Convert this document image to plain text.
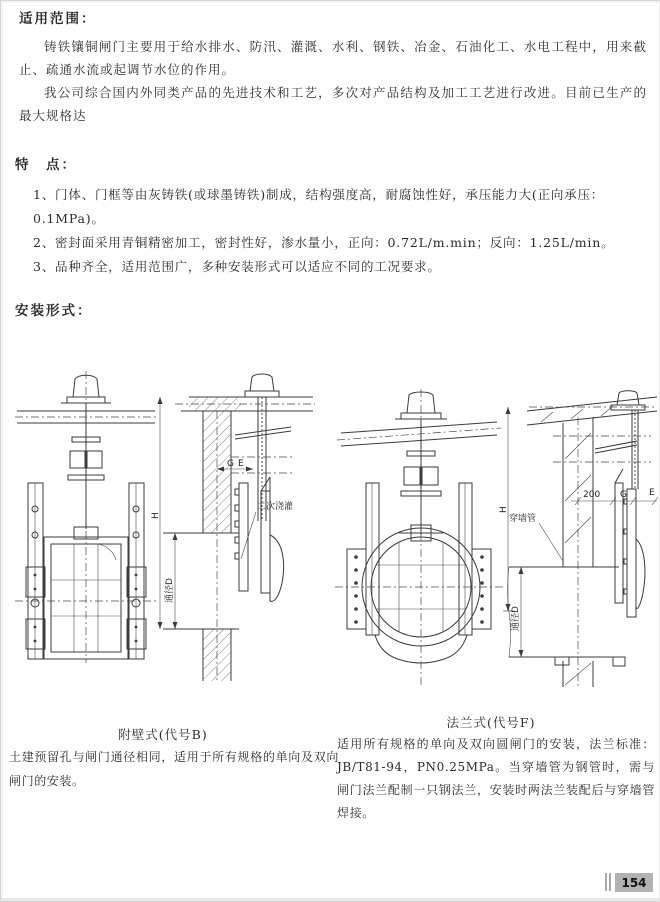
适用范围：

铸铁镶铜闸门主要用于给水排水、防汛、灌溉、水利、钢铁、冶金、石油化工、水电工程中，用来截止、疏通水流或起调节水位的作用。

我公司综合国内外同类产品的先进技术和工艺，多次对产品结构及加工工艺进行改进。目前已生产的最大规格达

特　点：
1、门体、门框等由灰铸铁(或球墨铸铁)制成，结构强度高，耐腐蚀性好，承压能力大(正向承压：0.1MPa)。
2、密封面采用青铜精密加工，密封性好，渗水量小，正向：0.72L/m.min；反向：1.25L/min。
3、品种齐全，适用范围广，多种安装形式可以适应不同的工况要求。
安装形式：
通径D
H
G E
二次浇灌	H
200 G E
穿墙管
通径D
附壁式(代号B)
土建预留孔与闸门通径相同，适用于所有规格的单向及双向闸门的安装。
法兰式(代号F)
适用所有规格的单向及双向圆闸门的安装，法兰标准：JB/T81-94，PN0.25MPa。当穿墙管为钢管时，需与闸门法兰配制一只钢法兰，安装时两法兰装配后与穿墙管焊接。
154
